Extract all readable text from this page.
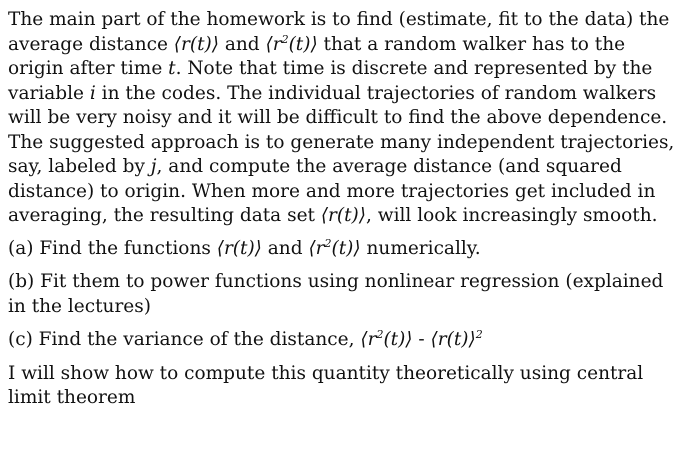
The main part of the homework is to find (estimate, fit to the data) the
average distance ⟨r(t)⟩ and $⟨r^2(t)⟩$ that a random walker has to the
origin after time t. Note that time is discrete and represented by the
variable i in the codes. The individual trajectories of random walkers
will be very noisy and it will be difficult to find the above dependence.
The suggested approach is to generate many independent trajectories,
say, labeled by j, and compute the average distance (and squared
distance) to origin. When more and more trajectories get included in
averaging, the resulting data set ⟨r(t)⟩, will look increasingly smooth.

(a) Find the functions ⟨r(t)⟩ and $⟨r^2(t)⟩$ numerically.

(b) Fit them to power functions using nonlinear regression (explained
in the lectures)

(c) Find the variance of the distance, $⟨r^2(t)⟩$ - ⟨r(t)⟩$^2$

I will show how to compute this quantity theoretically using central
limit theorem
